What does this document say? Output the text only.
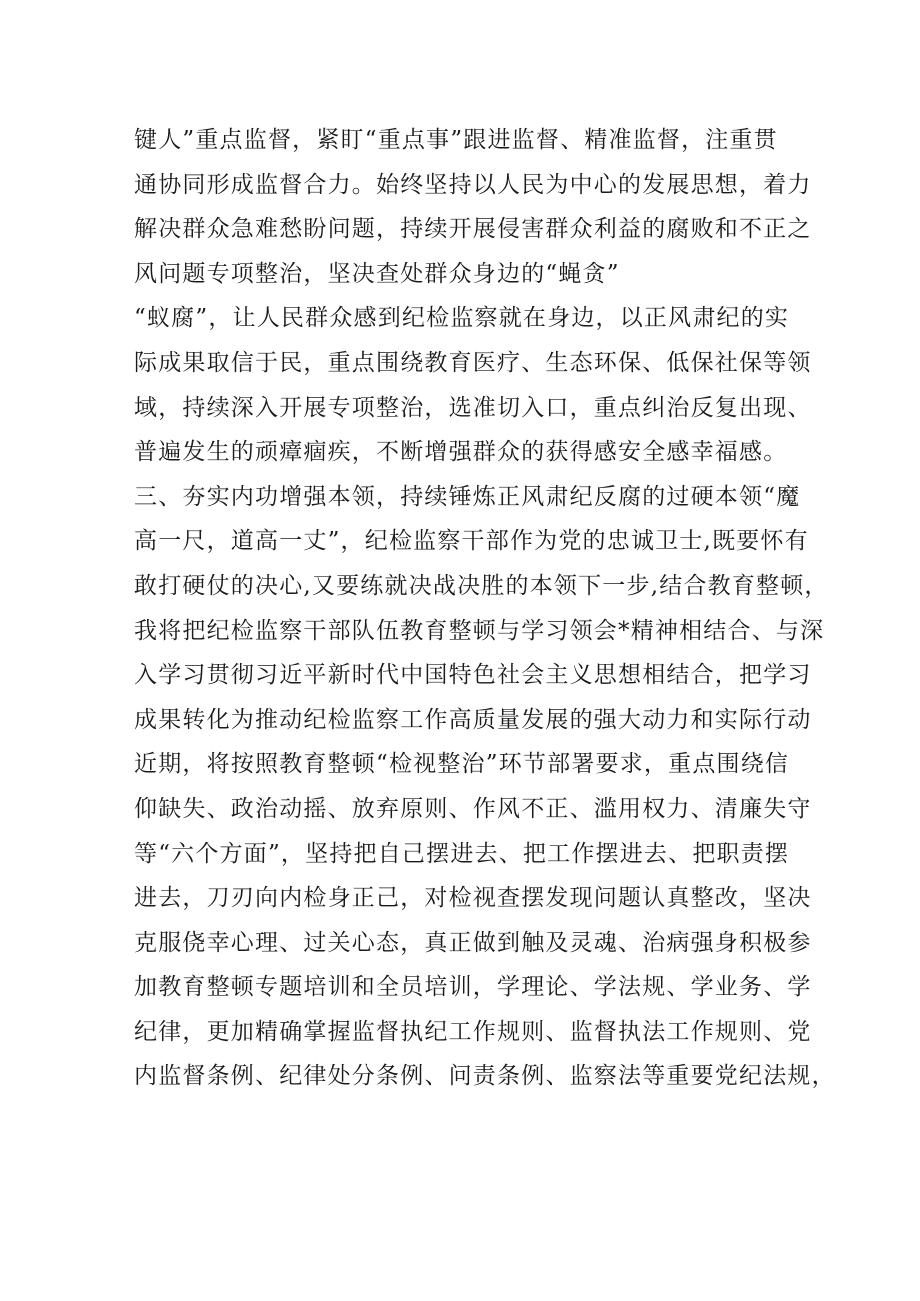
键人”重点监督，紧盯“重点事”跟进监督、精准监督，注重贯
通协同形成监督合力。始终坚持以人民为中心的发展思想，着力
解决群众急难愁盼问题，持续开展侵害群众利益的腐败和不正之
风问题专项整治，坚决查处群众身边的“蝇贪”
“蚁腐”，让人民群众感到纪检监察就在身边，以正风肃纪的实
际成果取信于民，重点围绕教育医疗、生态环保、低保社保等领
域，持续深入开展专项整治，选准切入口，重点纠治反复出现、
普遍发生的顽瘴痼疾，不断增强群众的获得感安全感幸福感。
三、夯实内功增强本领，持续锤炼正风肃纪反腐的过硬本领“魔
高一尺，道高一丈”，纪检监察干部作为党的忠诚卫士,既要怀有
敢打硬仗的决心,又要练就决战决胜的本领下一步,结合教育整顿，
我将把纪检监察干部队伍教育整顿与学习领会*精神相结合、与深
入学习贯彻习近平新时代中国特色社会主义思想相结合，把学习
成果转化为推动纪检监察工作高质量发展的强大动力和实际行动
近期，将按照教育整顿“检视整治”环节部署要求，重点围绕信
仰缺失、政治动摇、放弃原则、作风不正、滥用权力、清廉失守
等“六个方面”，坚持把自己摆进去、把工作摆进去、把职责摆
进去，刀刃向内检身正己，对检视查摆发现问题认真整改，坚决
克服侥幸心理、过关心态，真正做到触及灵魂、治病强身积极参
加教育整顿专题培训和全员培训，学理论、学法规、学业务、学
纪律，更加精确掌握监督执纪工作规则、监督执法工作规则、党
内监督条例、纪律处分条例、问责条例、监察法等重要党纪法规，
